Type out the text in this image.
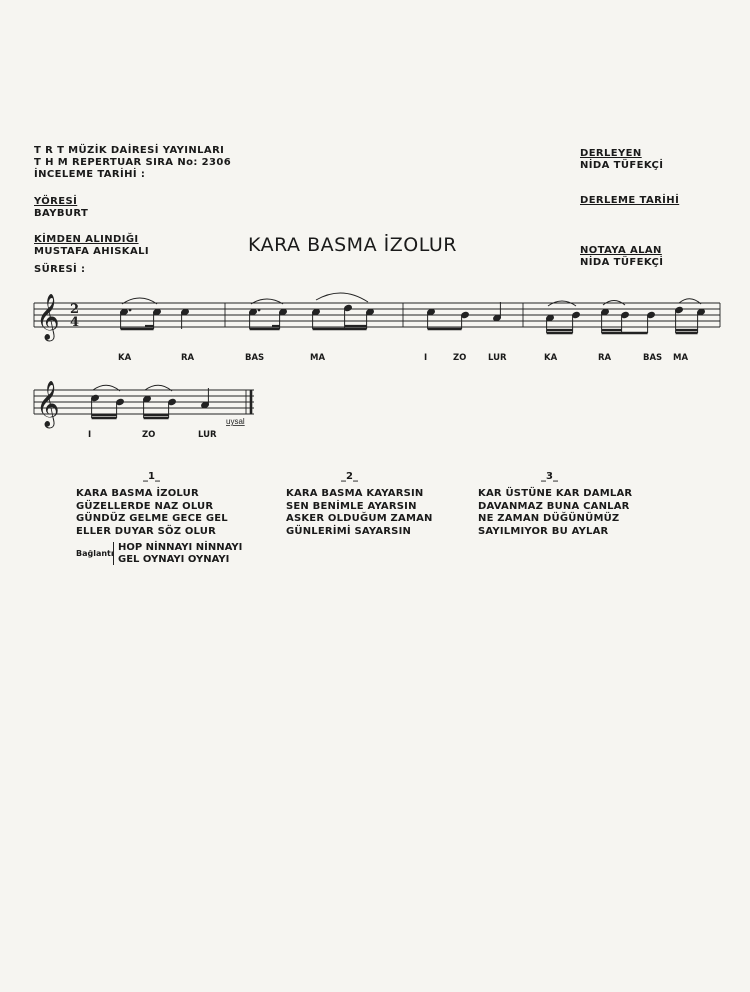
T R T MÜZİK DAİRESİ YAYINLARI
T H M REPERTUAR SIRA No: 2306
İNCELEME TARİHİ :
YÖRESİ
BAYBURT
KİMDEN ALINDIĞI
MUSTAFA AHISKALI
SÜRESİ :
DERLEYEN
NİDA TÜFEKÇİ
DERLEME TARİHİ
NOTAYA ALAN
NİDA TÜFEKÇİ
KARA BASMA İZOLUR
𝄞
𝄞
2
4
uysal
KA	RA	BAS	MA	I	ZO	LUR	KA	RA	BAS MA
I	ZO	LUR
_1_	_2_	_3_
KARA BASMA İZOLUR
GÜZELLERDE NAZ OLUR
GÜNDÜZ GELME GECE GEL
ELLER DUYAR SÖZ OLUR
Bağlantı
HOP NİNNAYI NİNNAYI
GEL OYNAYI OYNAYI
KARA BASMA KAYARSIN
SEN BENİMLE AYARSIN
ASKER OLDUĞUM ZAMAN
GÜNLERİMİ SAYARSIN
KAR ÜSTÜNE KAR DAMLAR
DAVANMAZ BUNA CANLAR
NE ZAMAN DÜĞÜNÜMÜZ
SAYILMIYOR BU AYLAR
